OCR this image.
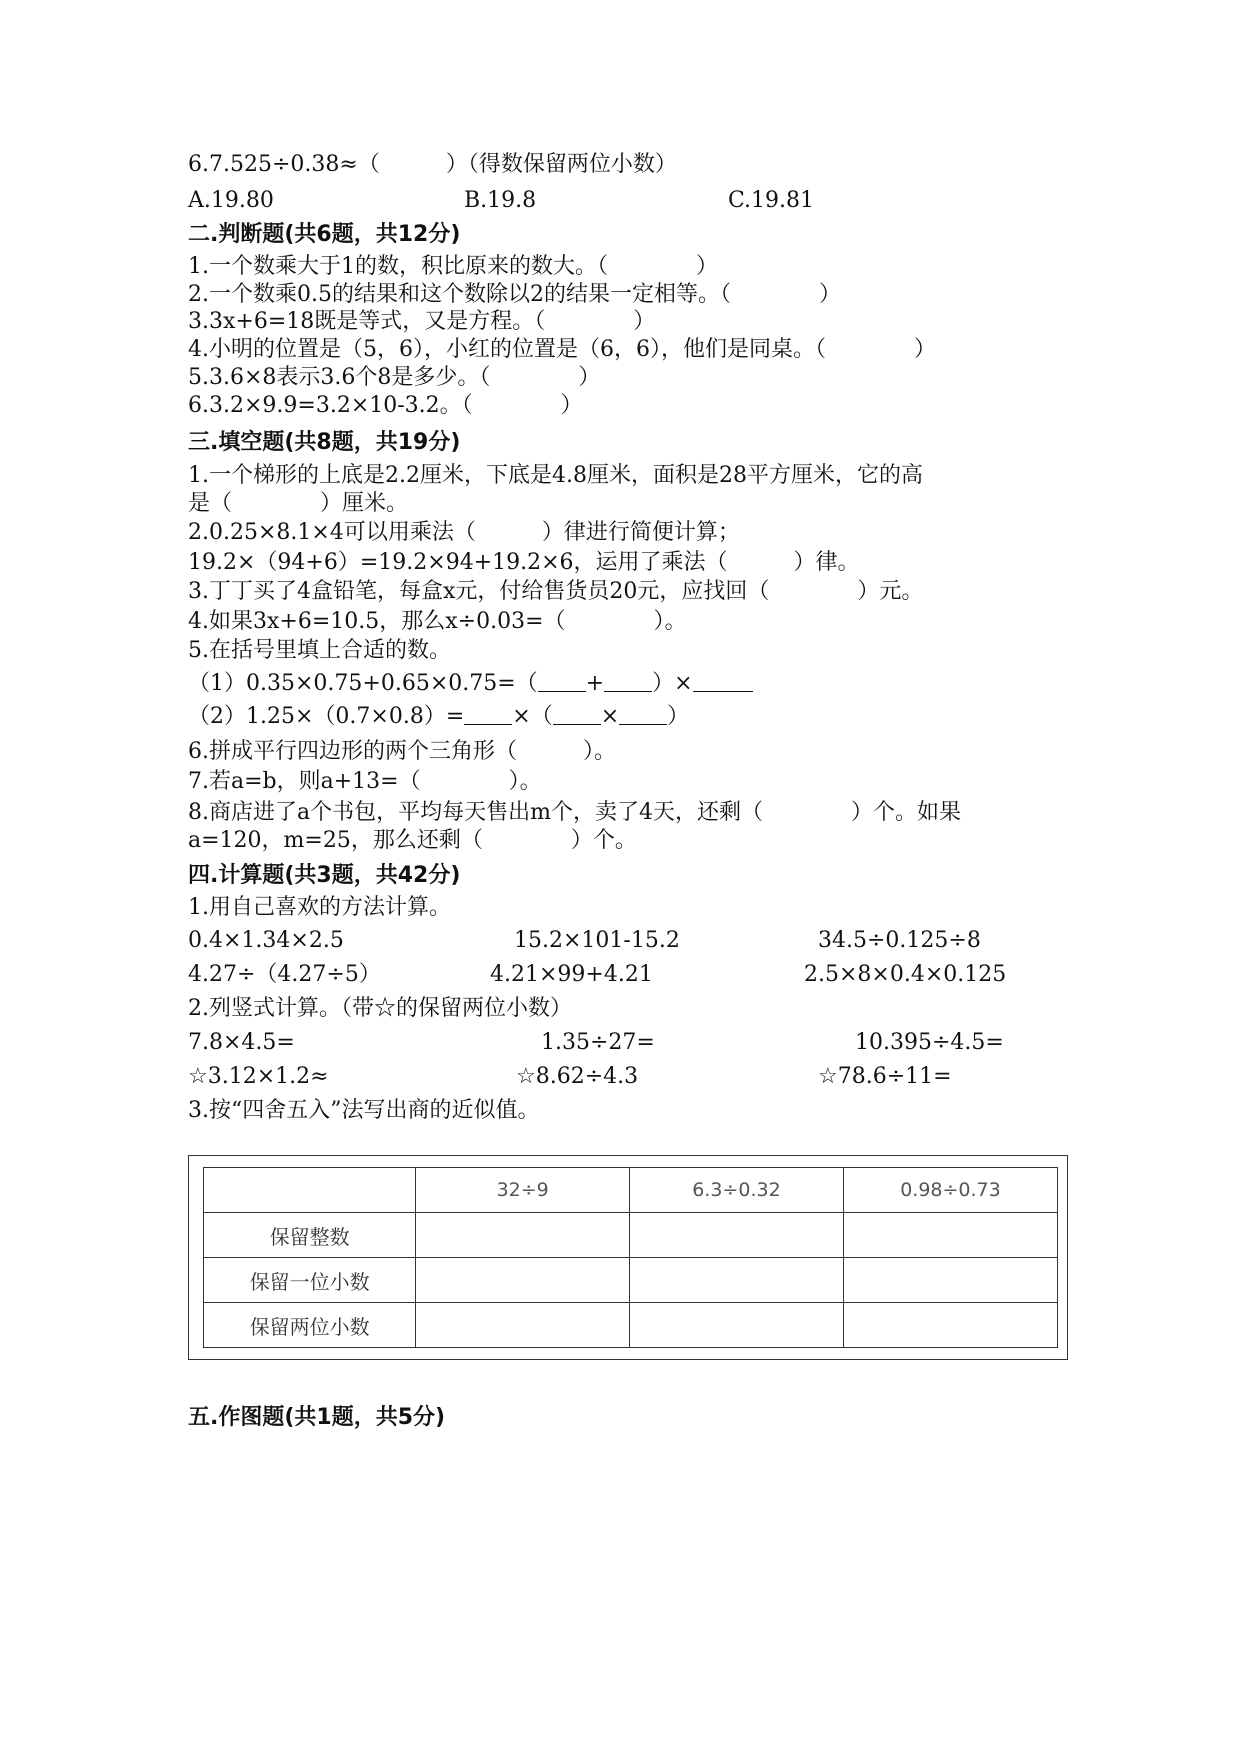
6.7.525÷0.38≈（　　　）（得数保留两位小数）
A.19.80	B.19.8	C.19.81
二.判断题(共6题，共12分)
1.一个数乘大于1的数，积比原来的数大。（　　　　）
2.一个数乘0.5的结果和这个数除以2的结果一定相等。（　　　　）
3.3x+6=18既是等式，又是方程。（　　　　）
4.小明的位置是（5，6），小红的位置是（6，6），他们是同桌。（　　　　）
5.3.6×8表示3.6个8是多少。（　　　　）
6.3.2×9.9=3.2×10-3.2。（　　　　）
三.填空题(共8题，共19分)
1.一个梯形的上底是2.2厘米，下底是4.8厘米，面积是28平方厘米，它的高
是（　　　　）厘米。
2.0.25×8.1×4可以用乘法（　　　）律进行简便计算；
19.2×（94+6）=19.2×94+19.2×6，运用了乘法（　　　）律。
3.丁丁买了4盒铅笔，每盒x元，付给售货员20元，应找回（　　　　）元。
4.如果3x+6=10.5，那么x÷0.03=（　　　　）。
5.在括号里填上合适的数。
（1）0.35×0.75+0.65×0.75=（ + ）×
（2）1.25×（0.7×0.8）= ×（ × ）
6.拼成平行四边形的两个三角形（　　　）。
7.若a=b，则a+13=（　　　　）。
8.商店进了a个书包，平均每天售出m个，卖了4天，还剩（　　　　）个。如果
a=120，m=25，那么还剩（　　　　）个。
四.计算题(共3题，共42分)
1.用自己喜欢的方法计算。
0.4×1.34×2.5	15.2×101-15.2	34.5÷0.125÷8
4.27÷（4.27÷5）	4.21×99+4.21	2.5×8×0.4×0.125
2.列竖式计算。（带☆的保留两位小数）
7.8×4.5=	1.35÷27=	10.395÷4.5=
☆3.12×1.2≈	☆8.62÷4.3	☆78.6÷11=
3.按“四舍五入”法写出商的近似值。
	32÷9	6.3÷0.32	0.98÷0.73
保留整数			
保留一位小数			
保留两位小数			
五.作图题(共1题，共5分)
